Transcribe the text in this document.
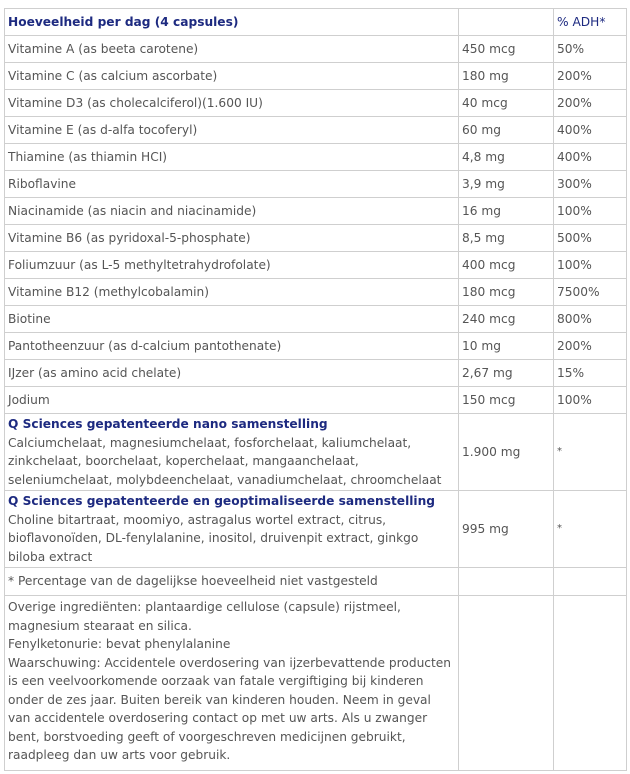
Hoeveelheid per dag (4 capsules)		% ADH*
Vitamine A (as beeta carotene)	450 mcg	50%
Vitamine C (as calcium ascorbate)	180 mg	200%
Vitamine D3 (as cholecalciferol)(1.600 IU)	40 mcg	200%
Vitamine E (as d-alfa tocoferyl)	60 mg	400%
Thiamine (as thiamin HCI)	4,8 mg	400%
Riboflavine	3,9 mg	300%
Niacinamide (as niacin and niacinamide)	16 mg	100%
Vitamine B6 (as pyridoxal-5-phosphate)	8,5 mg	500%
Foliumzuur (as L-5 methyltetrahydrofolate)	400 mcg	100%
Vitamine B12 (methylcobalamin)	180 mcg	7500%
Biotine	240 mcg	800%
Pantotheenzuur (as d-calcium pantothenate)	10 mg	200%
IJzer (as amino acid chelate)	2,67 mg	15%
Jodium	150 mcg	100%

Q Sciences gepatenteerde nano samenstelling
Calciumchelaat, magnesiumchelaat, fosforchelaat, kaliumchelaat, zinkchelaat, boorchelaat, koperchelaat, mangaanchelaat, seleniumchelaat, molybdeenchelaat, vanadiumchelaat, chroomchelaat	1.900 mg	*

Q Sciences gepatenteerde en geoptimaliseerde samenstelling
Choline bitartraat, moomiyo, astragalus wortel extract, citrus, bioflavonoïden, DL-fenylalanine, inositol, druivenpit extract, ginkgo biloba extract	995 mg	*
* Percentage van de dagelijkse hoeveelheid niet vastgesteld		

Overige ingrediënten: plantaardige cellulose (capsule) rijstmeel, magnesium stearaat en silica.
Fenylketonurie: bevat phenylalanine
Waarschuwing: Accidentele overdosering van ijzerbevattende producten is een veelvoorkomende oorzaak van fatale vergiftiging bij kinderen onder de zes jaar. Buiten bereik van kinderen houden. Neem in geval van accidentele overdosering contact op met uw arts. Als u zwanger bent, borstvoeding geeft of voorgeschreven medicijnen gebruikt, raadpleeg dan uw arts voor gebruik.		
